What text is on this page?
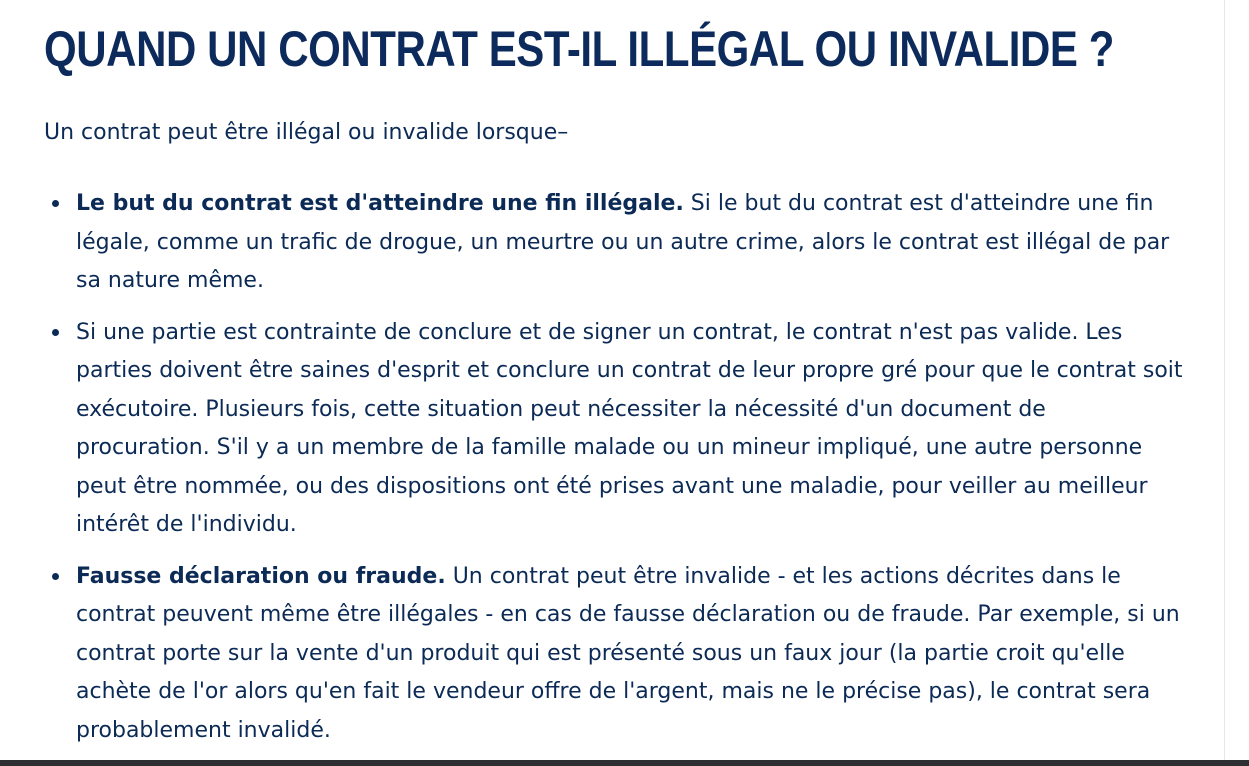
QUAND UN CONTRAT EST-IL ILLÉGAL OU INVALIDE ?

Un contrat peut être illégal ou invalide lorsque–

Le but du contrat est d'atteindre une fin illégale. Si le but du contrat est d'atteindre une fin légale, comme un trafic de drogue, un meurtre ou un autre crime, alors le contrat est illégal de par sa nature même.
Si une partie est contrainte de conclure et de signer un contrat, le contrat n'est pas valide. Les parties doivent être saines d'esprit et conclure un contrat de leur propre gré pour que le contrat soit exécutoire. Plusieurs fois, cette situation peut nécessiter la nécessité d'un document de procuration. S'il y a un membre de la famille malade ou un mineur impliqué, une autre personne peut être nommée, ou des dispositions ont été prises avant une maladie, pour veiller au meilleur intérêt de l'individu.
Fausse déclaration ou fraude. Un contrat peut être invalide - et les actions décrites dans le contrat peuvent même être illégales - en cas de fausse déclaration ou de fraude. Par exemple, si un contrat porte sur la vente d'un produit qui est présenté sous un faux jour (la partie croit qu'elle achète de l'or alors qu'en fait le vendeur offre de l'argent, mais ne le précise pas), le contrat sera probablement invalidé.
